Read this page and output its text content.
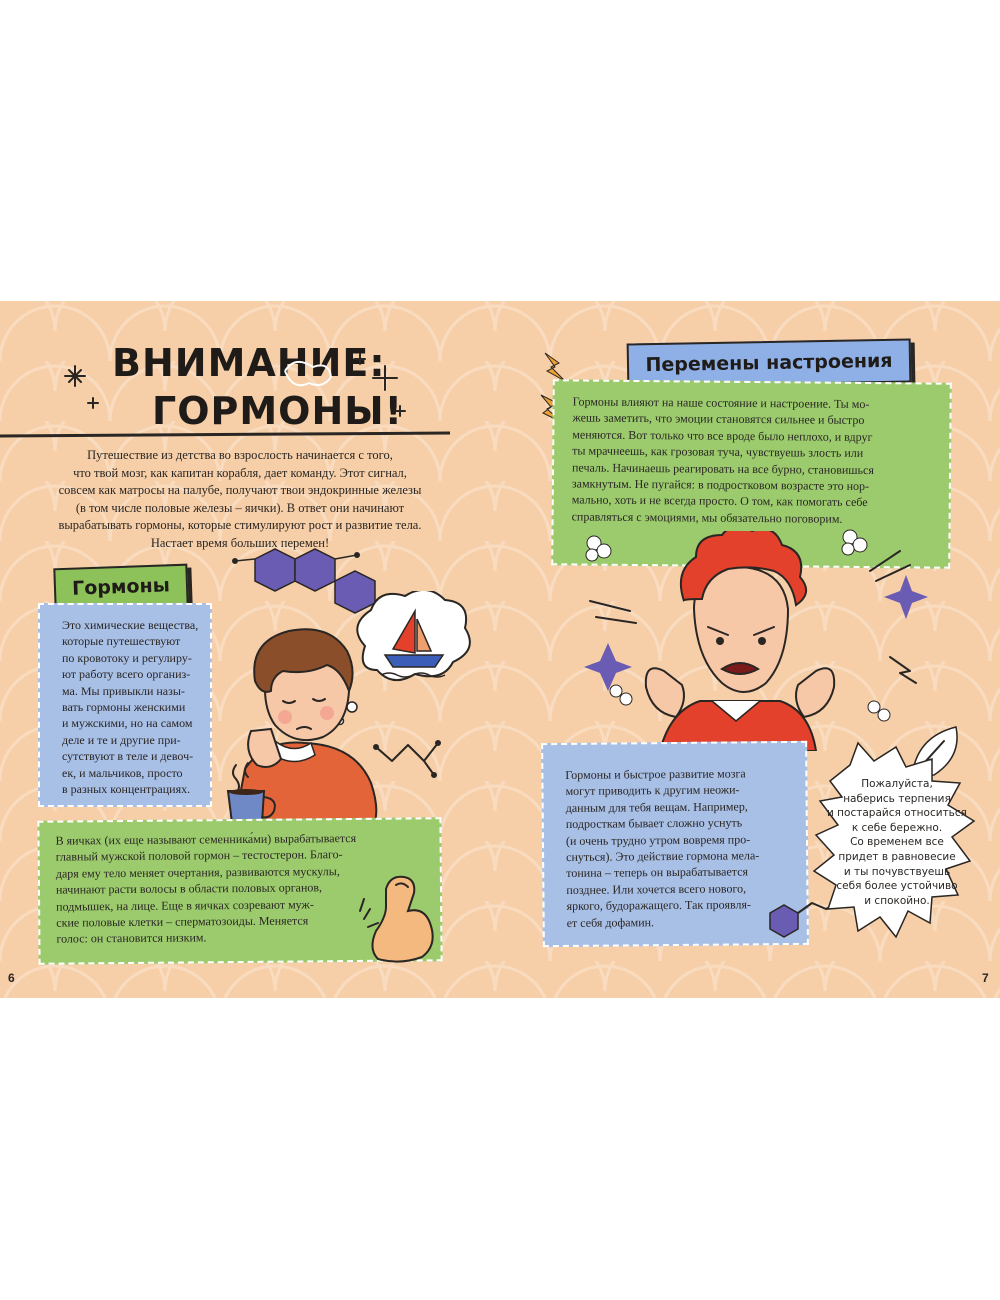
ВНИМАНИЕ:
ГОРМОНЫ!
Путешествие из детства во взрослость начинается с того,
что твой мозг, как капитан корабля, дает команду. Этот сигнал,
совсем как матросы на палубе, получают твои эндокринные железы
(в том числе половые железы – яички). В ответ они начинают
вырабатывать гормоны, которые стимулируют рост и развитие тела.
Настает время больших перемен!
Гормоны
Это химические вещества,
которые путешествуют
по кровотоку и регулиру-
ют работу всего организ-
ма. Мы привыкли назы-
вать гормоны женскими
и мужскими, но на самом
деле и те и другие при-
сутствуют в теле и девоч-
ек, и мальчиков, просто
в разных концентрациях.
В яичках (их еще называют семенника́ми) вырабатывается
главный мужской половой гормон – тестостерон. Благо-
даря ему тело меняет очертания, развиваются мускулы,
начинают расти волосы в области половых органов,
подмышек, на лице. Еще в яичках созревают муж-
ские половые клетки – сперматозоиды. Меняется
голос: он становится низким.
6
Перемены настроения
Гормоны влияют на наше состояние и настроение. Ты мо-
жешь заметить, что эмоции становятся сильнее и быстро
меняются. Вот только что все вроде было неплохо, и вдруг
ты мрачнеешь, как грозовая туча, чувствуешь злость или
печаль. Начинаешь реагировать на все бурно, становишься
замкнутым. Не пугайся: в подростковом возрасте это нор-
мально, хоть и не всегда просто. О том, как помогать себе
справляться с эмоциями, мы обязательно поговорим.
Гормоны и быстрое развитие мозга
могут приводить к другим неожи-
данным для тебя вещам. Например,
подросткам бывает сложно уснуть
(и очень трудно утром вовремя про-
снуться). Это действие гормона мела-
тонина – теперь он вырабатывается
позднее. Или хочется всего нового,
яркого, будоражащего. Так проявля-
ет себя дофамин.
Пожалуйста,
наберись терпения
и постарайся относиться
к себе бережно.
Со временем все
придет в равновесие
и ты почувствуешь
себя более устойчиво
и спокойно.
7
